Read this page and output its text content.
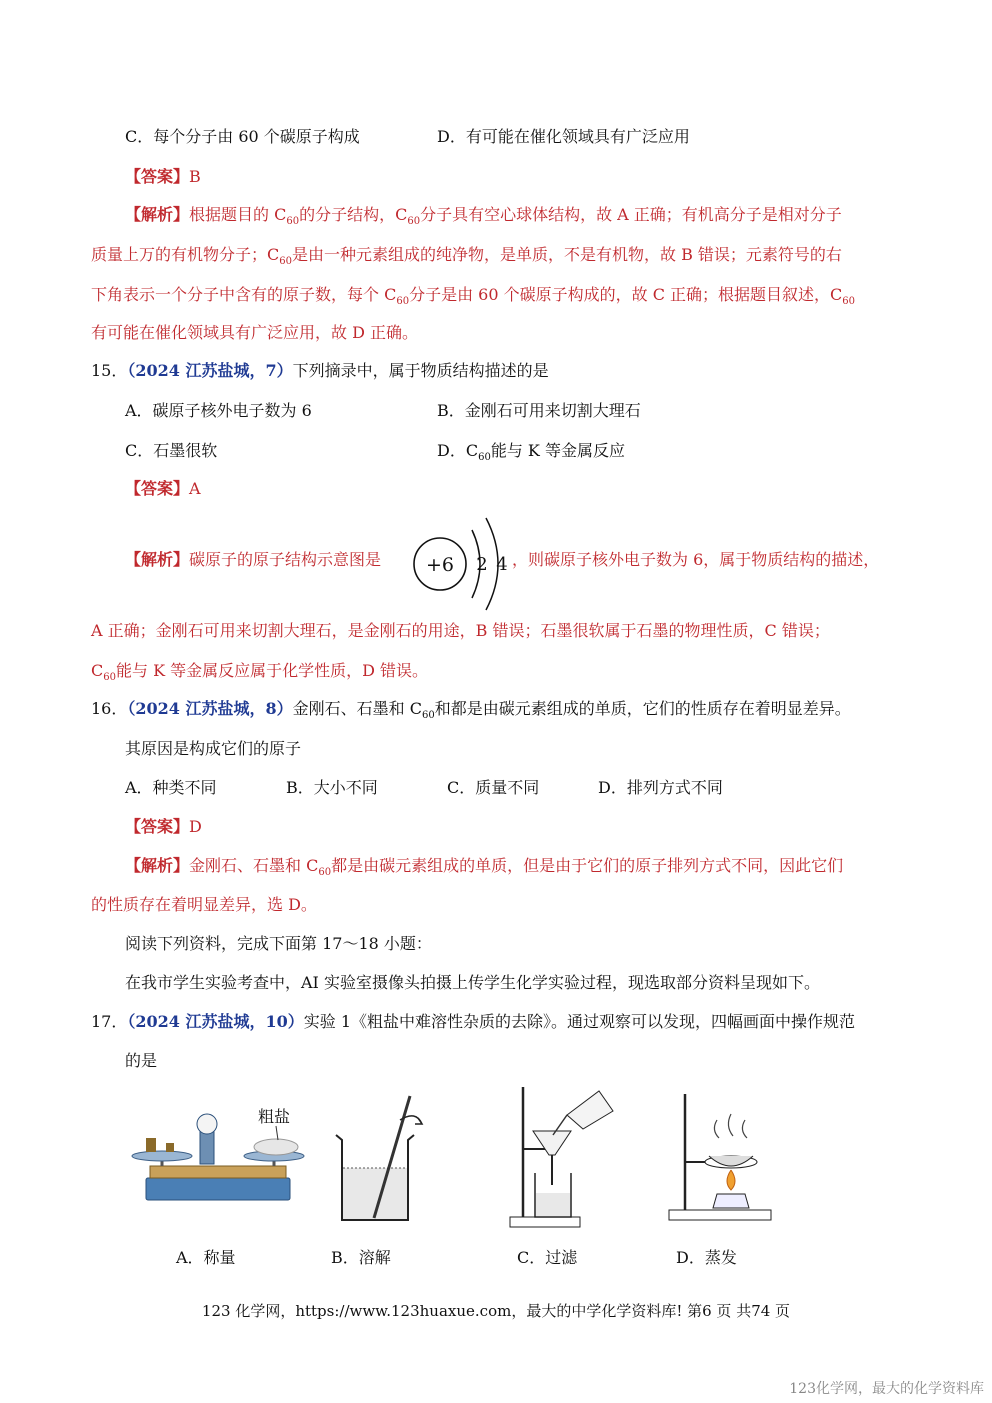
C．每个分子由 60 个碳原子构成	D．有可能在催化领域具有广泛应用
【答案】B
【解析】根据题目的 $C_{60}$的分子结构，$C_{60}$分子具有空心球体结构，故 A 正确；有机高分子是相对分子
质量上万的有机物分子；$C_{60}$是由一种元素组成的纯净物，是单质，不是有机物，故 B 错误；元素符号的右
下角表示一个分子中含有的原子数，每个 $C_{60}$分子是由 60 个碳原子构成的，故 C 正确；根据题目叙述，$C_{60}$
有可能在催化领域具有广泛应用，故 D 正确。
15．（2024 江苏盐城，7）下列摘录中，属于物质结构描述的是
A．碳原子核外电子数为 6	B．金刚石可用来切割大理石
C．石墨很软	D．$C_{60}$能与 K 等金属反应
【答案】A
【解析】碳原子的原子结构示意图是 +6 2 4 ，则碳原子核外电子数为 6，属于物质结构的描述，
A 正确；金刚石可用来切割大理石，是金刚石的用途，B 错误；石墨很软属于石墨的物理性质，C 错误；
$C_{60}$能与 K 等金属反应属于化学性质，D 错误。
16．（2024 江苏盐城，8）金刚石、石墨和 $C_{60}$和都是由碳元素组成的单质，它们的性质存在着明显差异。
其原因是构成它们的原子
A．种类不同	B．大小不同	C．质量不同	D．排列方式不同
【答案】D
【解析】金刚石、石墨和 $C_{60}$都是由碳元素组成的单质，但是由于它们的原子排列方式不同，因此它们
的性质存在着明显差异，选 D。
阅读下列资料，完成下面第 17～18 小题：
在我市学生实验考查中，AI 实验室摄像头拍摄上传学生化学实验过程，现选取部分资料呈现如下。
17．（2024 江苏盐城，10）实验 1《粗盐中难溶性杂质的去除》。通过观察可以发现，四幅画面中操作规范
的是
粗盐
A．称量	B．溶解	C．过滤	D．蒸发
123 化学网，https://www.123huaxue.com，最大的中学化学资料库! 第6 页 共74 页
123化学网，最大的化学资料库
